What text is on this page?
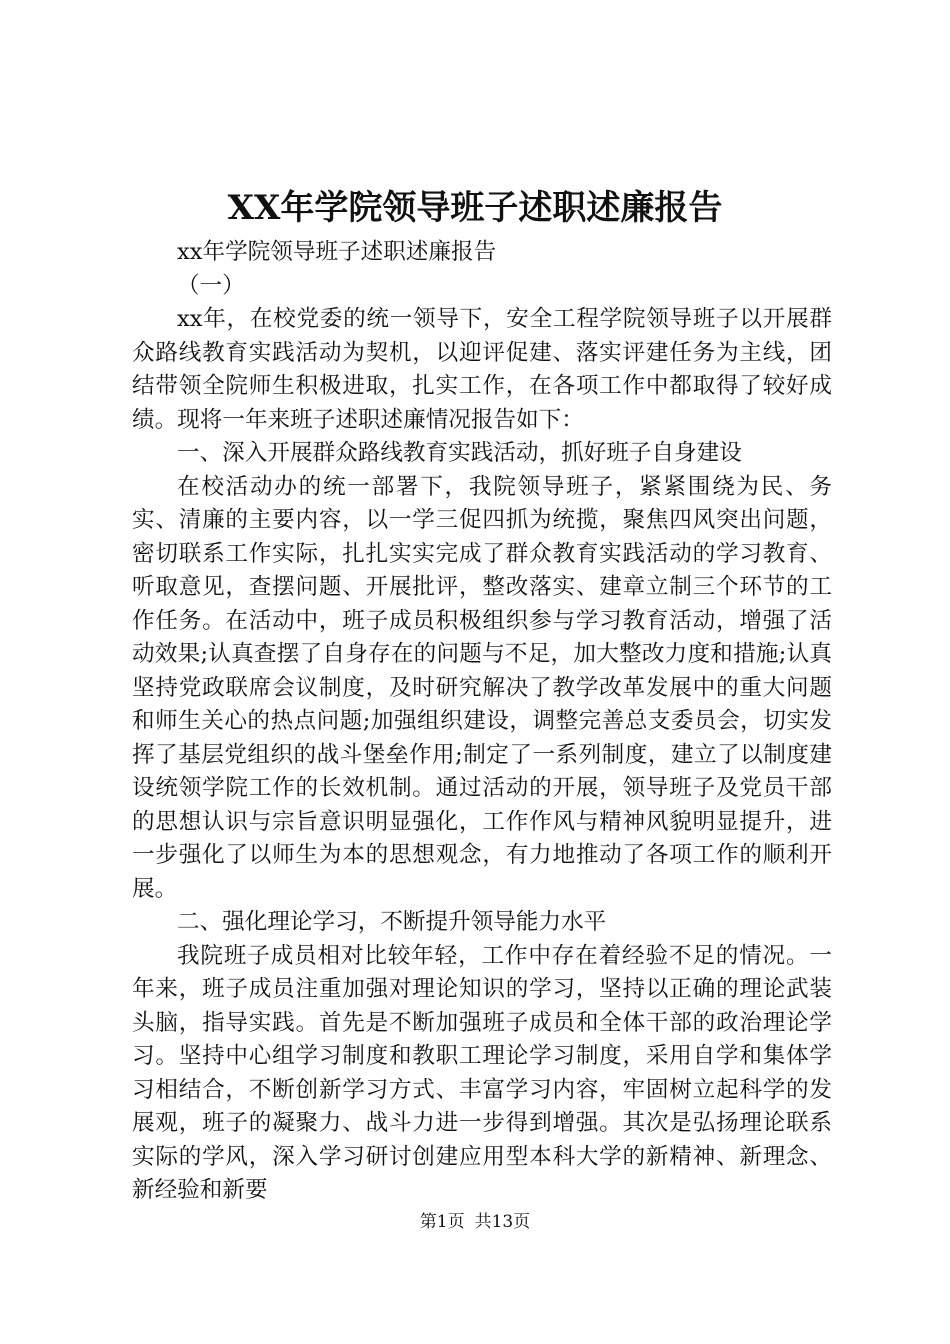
XX年学院领导班子述职述廉报告

xx年学院领导班子述职述廉报告

（一）

xx年，在校党委的统一领导下，安全工程学院领导班子以开展群众路线教育实践活动为契机，以迎评促建、落实评建任务为主线，团结带领全院师生积极进取，扎实工作，在各项工作中都取得了较好成绩。现将一年来班子述职述廉情况报告如下：

一、深入开展群众路线教育实践活动，抓好班子自身建设

在校活动办的统一部署下，我院领导班子，紧紧围绕为民、务实、清廉的主要内容，以一学三促四抓为统揽，聚焦四风突出问题，密切联系工作实际，扎扎实实完成了群众教育实践活动的学习教育、听取意见，查摆问题、开展批评，整改落实、建章立制三个环节的工作任务。在活动中，班子成员积极组织参与学习教育活动，增强了活动效果;认真查摆了自身存在的问题与不足，加大整改力度和措施;认真坚持党政联席会议制度，及时研究解决了教学改革发展中的重大问题和师生关心的热点问题;加强组织建设，调整完善总支委员会，切实发挥了基层党组织的战斗堡垒作用;制定了一系列制度，建立了以制度建设统领学院工作的长效机制。通过活动的开展，领导班子及党员干部的思想认识与宗旨意识明显强化，工作作风与精神风貌明显提升，进一步强化了以师生为本的思想观念，有力地推动了各项工作的顺利开展。

二、强化理论学习，不断提升领导能力水平

我院班子成员相对比较年轻，工作中存在着经验不足的情况。一年来，班子成员注重加强对理论知识的学习，坚持以正确的理论武装头脑，指导实践。首先是不断加强班子成员和全体干部的政治理论学习。坚持中心组学习制度和教职工理论学习制度，采用自学和集体学习相结合，不断创新学习方式、丰富学习内容，牢固树立起科学的发展观，班子的凝聚力、战斗力进一步得到增强。其次是弘扬理论联系实际的学风，深入学习研讨创建应用型本科大学的新精神、新理念、新经验和新要

第1页 共13页
